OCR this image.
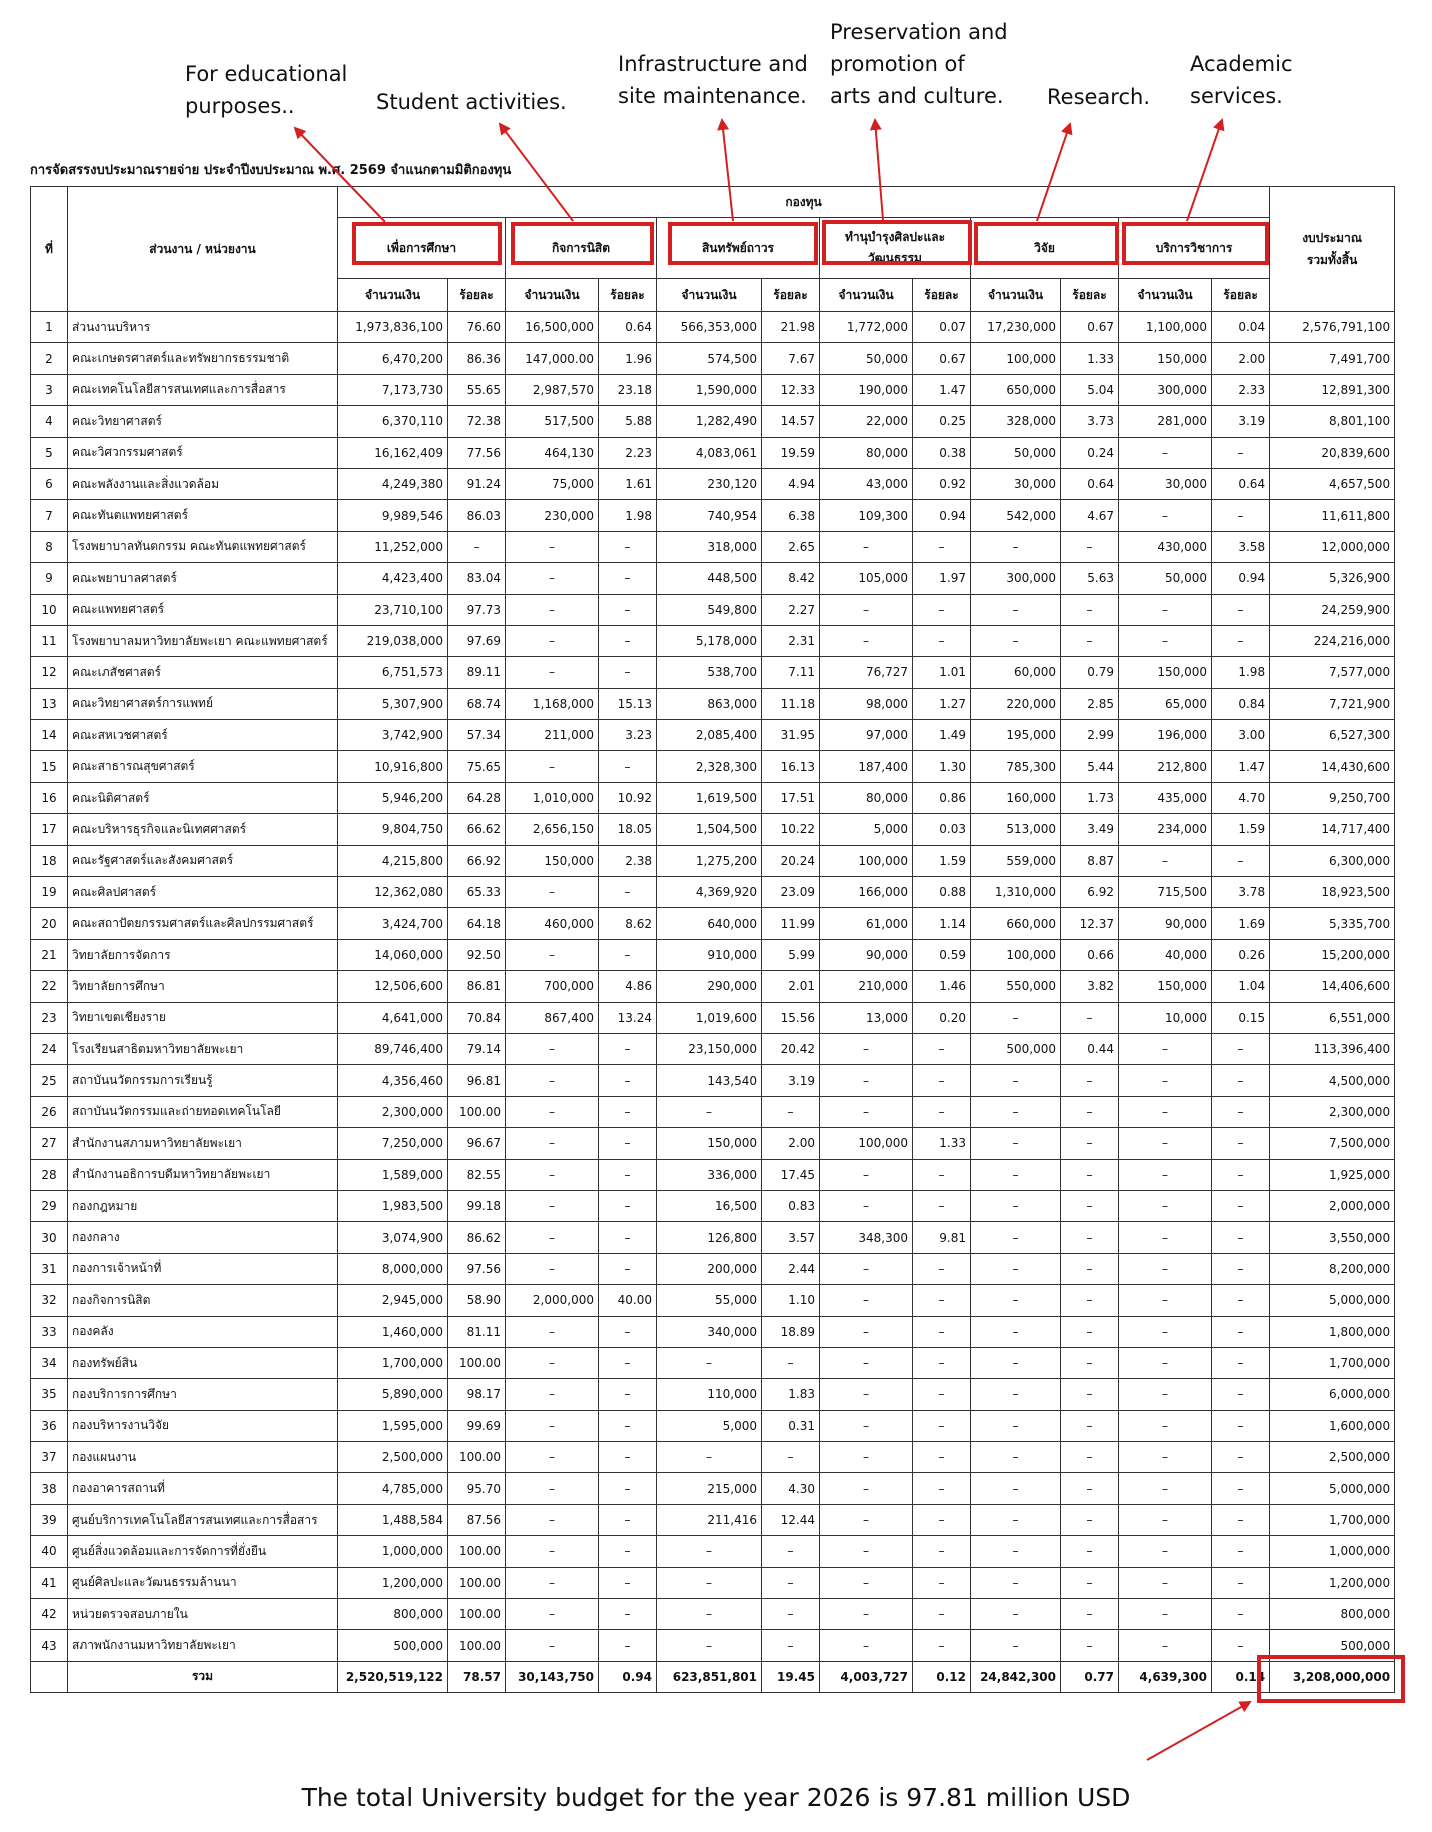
For educational
purposes..	Student activities.
Infrastructure and
site maintenance.
Preservation and
promotion of
arts and culture. Research.
Academic
services.
การจัดสรรงบประมาณรายจ่าย ประจำปีงบประมาณ พ.ศ. 2569 จำแนกตามมิติกองทุน
ที่	ส่วนงาน / หน่วยงาน	กองทุน												งบประมาณ
รวมทั้งสิ้น
		เพื่อการศึกษา		กิจการนิสิต		สินทรัพย์ถาวร		ทำนุบำรุงศิลปะและวัฒนธรรม		วิจัย		บริการวิชาการ		
		จำนวนเงิน	ร้อยละ	จำนวนเงิน	ร้อยละ	จำนวนเงิน	ร้อยละ	จำนวนเงิน	ร้อยละ	จำนวนเงิน	ร้อยละ	จำนวนเงิน	ร้อยละ	
1	ส่วนงานบริหาร	1,973,836,100	76.60	16,500,000	0.64	566,353,000	21.98	1,772,000	0.07	17,230,000	0.67	1,100,000	0.04	2,576,791,100
2	คณะเกษตรศาสตร์และทรัพยากรธรรมชาติ	6,470,200	86.36	147,000.00	1.96	574,500	7.67	50,000	0.67	100,000	1.33	150,000	2.00	7,491,700
3	คณะเทคโนโลยีสารสนเทศและการสื่อสาร	7,173,730	55.65	2,987,570	23.18	1,590,000	12.33	190,000	1.47	650,000	5.04	300,000	2.33	12,891,300
4	คณะวิทยาศาสตร์	6,370,110	72.38	517,500	5.88	1,282,490	14.57	22,000	0.25	328,000	3.73	281,000	3.19	8,801,100
5	คณะวิศวกรรมศาสตร์	16,162,409	77.56	464,130	2.23	4,083,061	19.59	80,000	0.38	50,000	0.24	–	–	20,839,600
6	คณะพลังงานและสิ่งแวดล้อม	4,249,380	91.24	75,000	1.61	230,120	4.94	43,000	0.92	30,000	0.64	30,000	0.64	4,657,500
7	คณะทันตแพทยศาสตร์	9,989,546	86.03	230,000	1.98	740,954	6.38	109,300	0.94	542,000	4.67	–	–	11,611,800
8	โรงพยาบาลทันตกรรม คณะทันตแพทยศาสตร์	11,252,000	–	–	–	318,000	2.65	–	–	–	–	430,000	3.58	12,000,000
9	คณะพยาบาลศาสตร์	4,423,400	83.04	–	–	448,500	8.42	105,000	1.97	300,000	5.63	50,000	0.94	5,326,900
10	คณะแพทยศาสตร์	23,710,100	97.73	–	–	549,800	2.27	–	–	–	–	–	–	24,259,900
11	โรงพยาบาลมหาวิทยาลัยพะเยา คณะแพทยศาสตร์	219,038,000	97.69	–	–	5,178,000	2.31	–	–	–	–	–	–	224,216,000
12	คณะเภสัชศาสตร์	6,751,573	89.11	–	–	538,700	7.11	76,727	1.01	60,000	0.79	150,000	1.98	7,577,000
13	คณะวิทยาศาสตร์การแพทย์	5,307,900	68.74	1,168,000	15.13	863,000	11.18	98,000	1.27	220,000	2.85	65,000	0.84	7,721,900
14	คณะสหเวชศาสตร์	3,742,900	57.34	211,000	3.23	2,085,400	31.95	97,000	1.49	195,000	2.99	196,000	3.00	6,527,300
15	คณะสาธารณสุขศาสตร์	10,916,800	75.65	–	–	2,328,300	16.13	187,400	1.30	785,300	5.44	212,800	1.47	14,430,600
16	คณะนิติศาสตร์	5,946,200	64.28	1,010,000	10.92	1,619,500	17.51	80,000	0.86	160,000	1.73	435,000	4.70	9,250,700
17	คณะบริหารธุรกิจและนิเทศศาสตร์	9,804,750	66.62	2,656,150	18.05	1,504,500	10.22	5,000	0.03	513,000	3.49	234,000	1.59	14,717,400
18	คณะรัฐศาสตร์และสังคมศาสตร์	4,215,800	66.92	150,000	2.38	1,275,200	20.24	100,000	1.59	559,000	8.87	–	–	6,300,000
19	คณะศิลปศาสตร์	12,362,080	65.33	–	–	4,369,920	23.09	166,000	0.88	1,310,000	6.92	715,500	3.78	18,923,500
20	คณะสถาปัตยกรรมศาสตร์และศิลปกรรมศาสตร์	3,424,700	64.18	460,000	8.62	640,000	11.99	61,000	1.14	660,000	12.37	90,000	1.69	5,335,700
21	วิทยาลัยการจัดการ	14,060,000	92.50	–	–	910,000	5.99	90,000	0.59	100,000	0.66	40,000	0.26	15,200,000
22	วิทยาลัยการศึกษา	12,506,600	86.81	700,000	4.86	290,000	2.01	210,000	1.46	550,000	3.82	150,000	1.04	14,406,600
23	วิทยาเขตเชียงราย	4,641,000	70.84	867,400	13.24	1,019,600	15.56	13,000	0.20	–	–	10,000	0.15	6,551,000
24	โรงเรียนสาธิตมหาวิทยาลัยพะเยา	89,746,400	79.14	–	–	23,150,000	20.42	–	–	500,000	0.44	–	–	113,396,400
25	สถาบันนวัตกรรมการเรียนรู้	4,356,460	96.81	–	–	143,540	3.19	–	–	–	–	–	–	4,500,000
26	สถาบันนวัตกรรมและถ่ายทอดเทคโนโลยี	2,300,000	100.00	–	–	–	–	–	–	–	–	–	–	2,300,000
27	สำนักงานสภามหาวิทยาลัยพะเยา	7,250,000	96.67	–	–	150,000	2.00	100,000	1.33	–	–	–	–	7,500,000
28	สำนักงานอธิการบดีมหาวิทยาลัยพะเยา	1,589,000	82.55	–	–	336,000	17.45	–	–	–	–	–	–	1,925,000
29	กองกฎหมาย	1,983,500	99.18	–	–	16,500	0.83	–	–	–	–	–	–	2,000,000
30	กองกลาง	3,074,900	86.62	–	–	126,800	3.57	348,300	9.81	–	–	–	–	3,550,000
31	กองการเจ้าหน้าที่	8,000,000	97.56	–	–	200,000	2.44	–	–	–	–	–	–	8,200,000
32	กองกิจการนิสิต	2,945,000	58.90	2,000,000	40.00	55,000	1.10	–	–	–	–	–	–	5,000,000
33	กองคลัง	1,460,000	81.11	–	–	340,000	18.89	–	–	–	–	–	–	1,800,000
34	กองทรัพย์สิน	1,700,000	100.00	–	–	–	–	–	–	–	–	–	–	1,700,000
35	กองบริการการศึกษา	5,890,000	98.17	–	–	110,000	1.83	–	–	–	–	–	–	6,000,000
36	กองบริหารงานวิจัย	1,595,000	99.69	–	–	5,000	0.31	–	–	–	–	–	–	1,600,000
37	กองแผนงาน	2,500,000	100.00	–	–	–	–	–	–	–	–	–	–	2,500,000
38	กองอาคารสถานที่	4,785,000	95.70	–	–	215,000	4.30	–	–	–	–	–	–	5,000,000
39	ศูนย์บริการเทคโนโลยีสารสนเทศและการสื่อสาร	1,488,584	87.56	–	–	211,416	12.44	–	–	–	–	–	–	1,700,000
40	ศูนย์สิ่งแวดล้อมและการจัดการที่ยั่งยืน	1,000,000	100.00	–	–	–	–	–	–	–	–	–	–	1,000,000
41	ศูนย์ศิลปะและวัฒนธรรมล้านนา	1,200,000	100.00	–	–	–	–	–	–	–	–	–	–	1,200,000
42	หน่วยตรวจสอบภายใน	800,000	100.00	–	–	–	–	–	–	–	–	–	–	800,000
43	สภาพนักงานมหาวิทยาลัยพะเยา	500,000	100.00	–	–	–	–	–	–	–	–	–	–	500,000
	รวม	2,520,519,122	78.57	30,143,750	0.94	623,851,801	19.45	4,003,727	0.12	24,842,300	0.77	4,639,300	0.14	3,208,000,000
The total University budget for the year 2026 is 97.81 million USD
